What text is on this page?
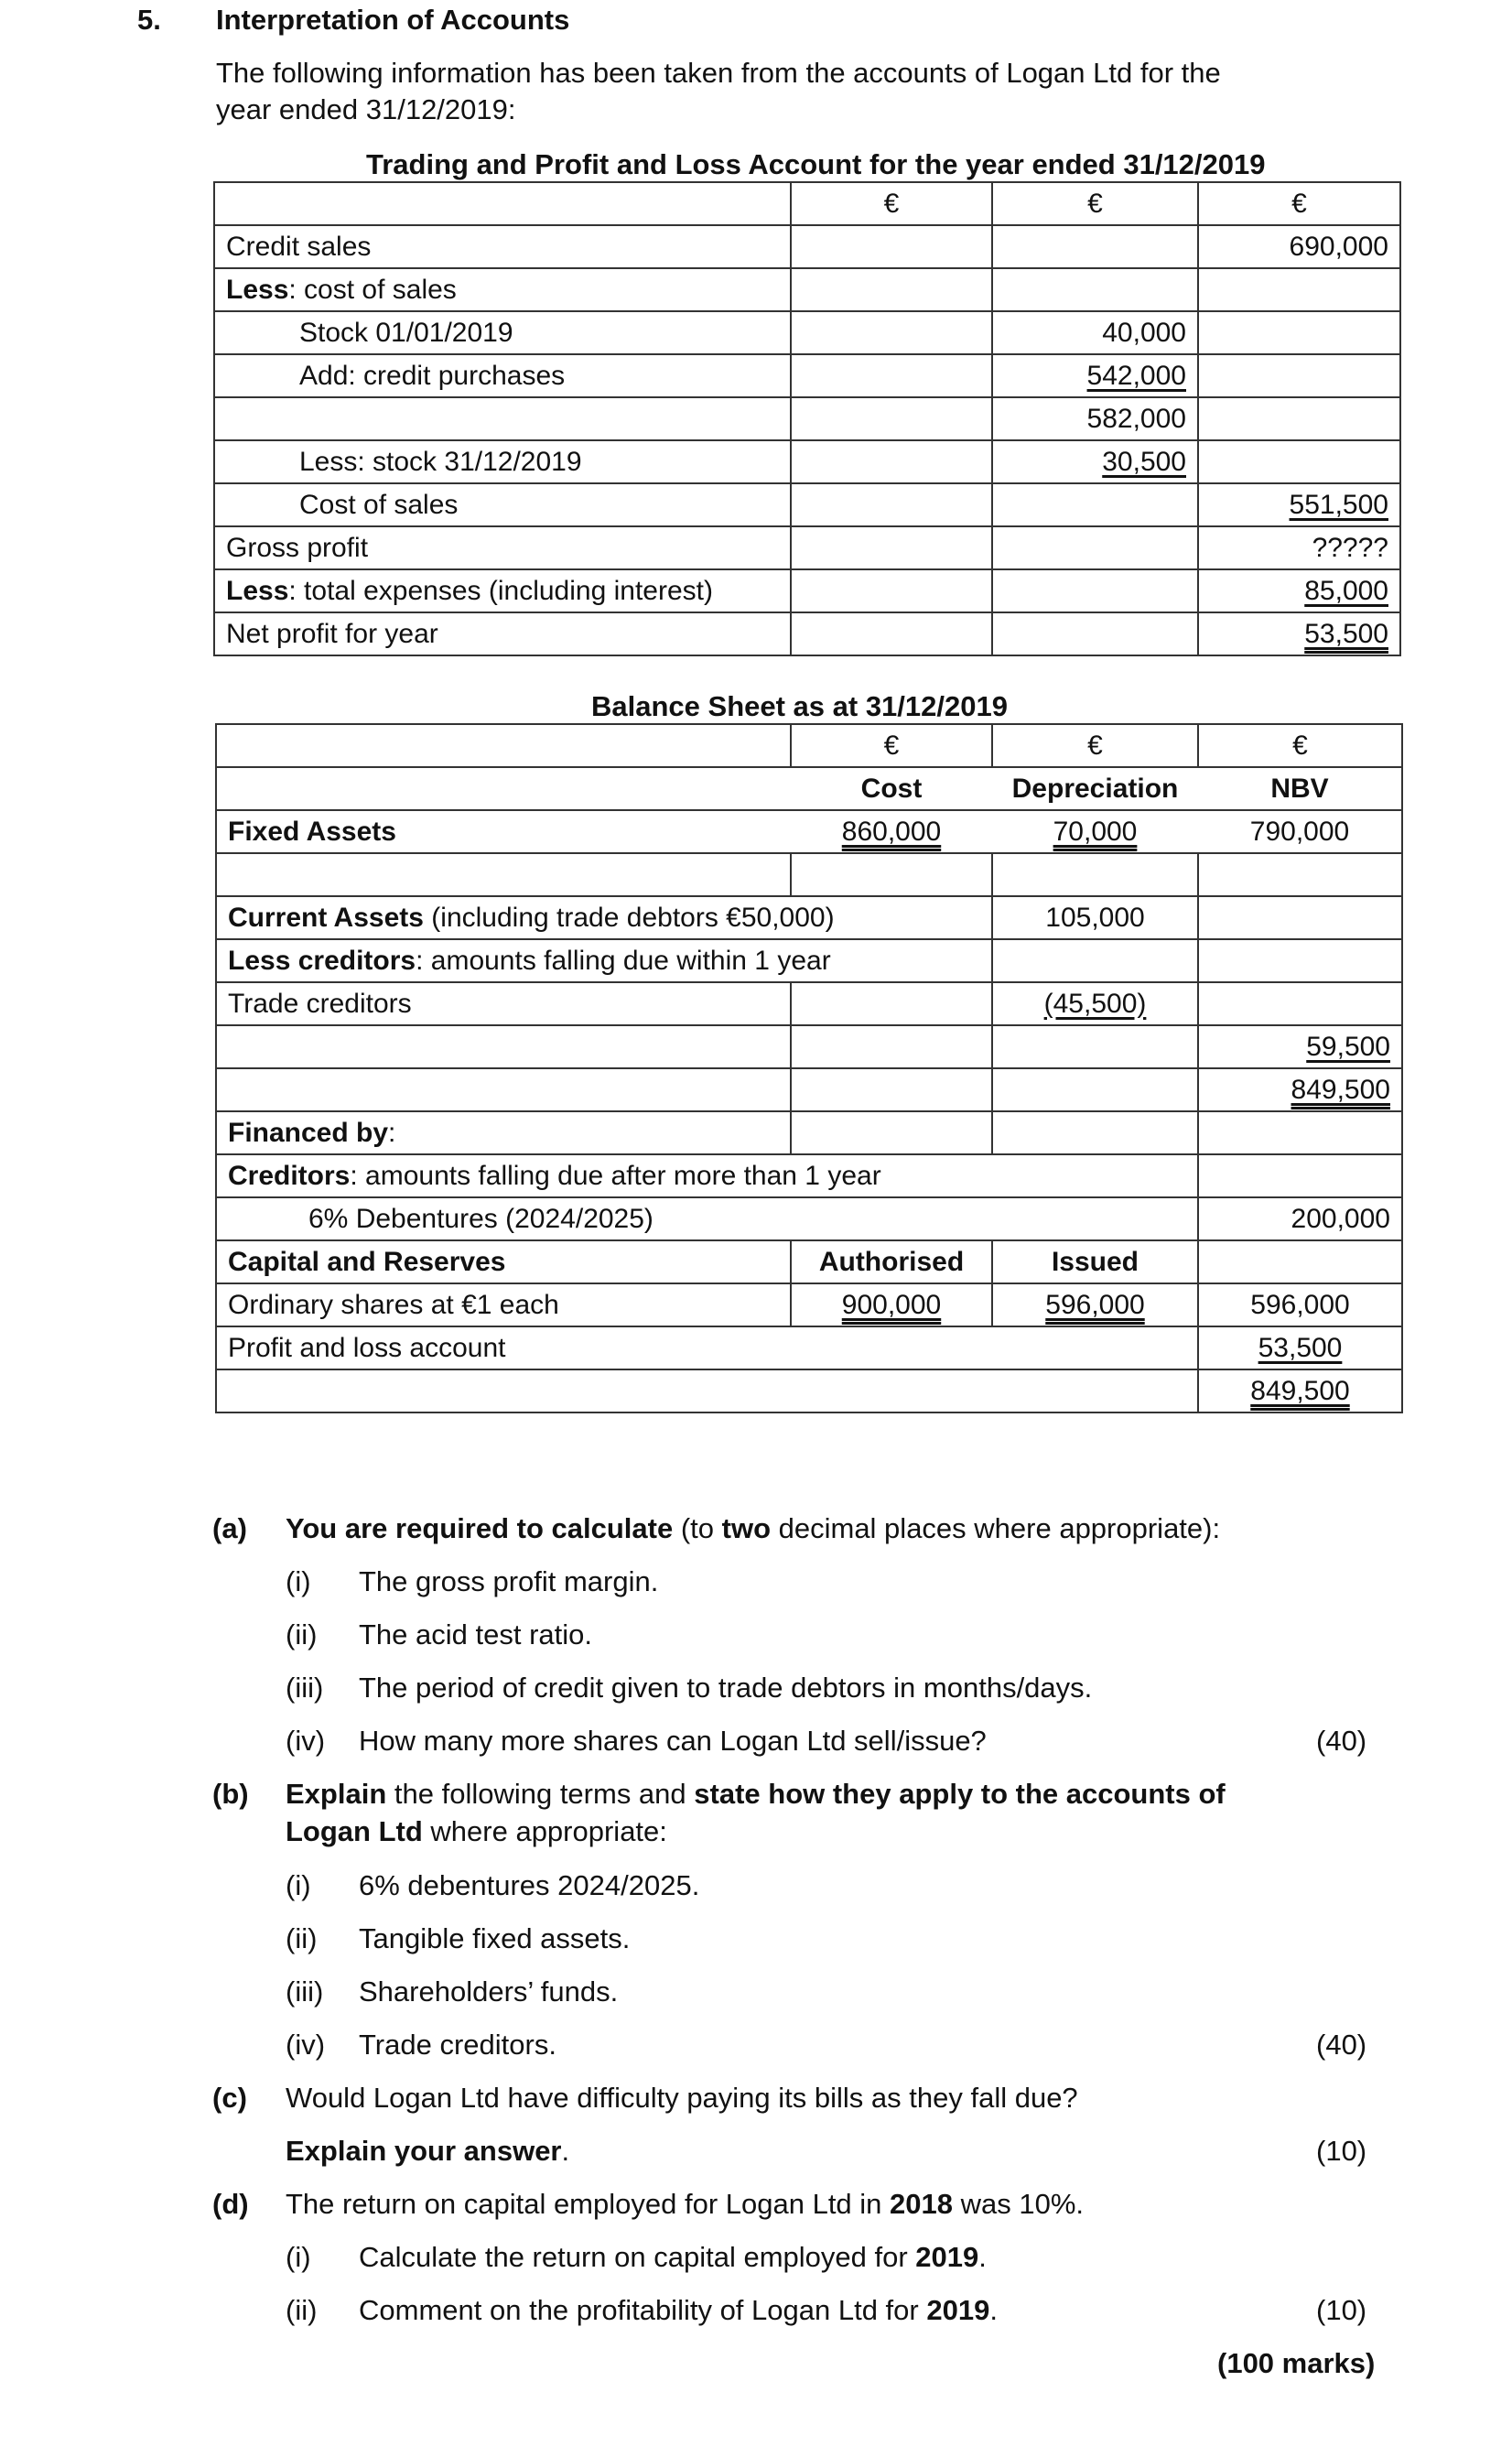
5. Interpretation of Accounts
The following information has been taken from the accounts of Logan Ltd for the year ended 31/12/2019:
Trading and Profit and Loss Account for the year ended 31/12/2019
	€	€	€
Credit sales			690,000
Less: cost of sales			
Stock 01/01/2019		40,000	
Add: credit purchases		542,000	
		582,000	
Less: stock 31/12/2019		30,500	
Cost of sales			551,500
Gross profit			?????
Less: total expenses (including interest)			85,000
Net profit for year			53,500
Balance Sheet as at 31/12/2019
	€	€	€
	Cost	Depreciation	NBV
Fixed Assets	860,000	70,000	790,000

Current Assets (including trade debtors €50,000)		105,000	
Less creditors: amounts falling due within 1 year			
Trade creditors		(45,500)	
			59,500
			849,500
Financed by:			
Creditors: amounts falling due after more than 1 year			
6% Debentures (2024/2025)			200,000
Capital and Reserves	Authorised	Issued	
Ordinary shares at €1 each	900,000	596,000	596,000
Profit and loss account			53,500
			849,500
(a) You are required to calculate (to two decimal places where appropriate):
(i) The gross profit margin.
(ii) The acid test ratio.
(iii) The period of credit given to trade debtors in months/days.
(iv) How many more shares can Logan Ltd sell/issue?	(40)
(b) Explain the following terms and state how they apply to the accounts of
Logan Ltd where appropriate:
(i) 6% debentures 2024/2025.
(ii) Tangible fixed assets.
(iii) Shareholders’ funds.
(iv) Trade creditors.	(40)
(c) Would Logan Ltd have difficulty paying its bills as they fall due?
Explain your answer.	(10)
(d) The return on capital employed for Logan Ltd in 2018 was 10%.
(i) Calculate the return on capital employed for 2019.
(ii) Comment on the profitability of Logan Ltd for 2019.	(10)
(100 marks)
